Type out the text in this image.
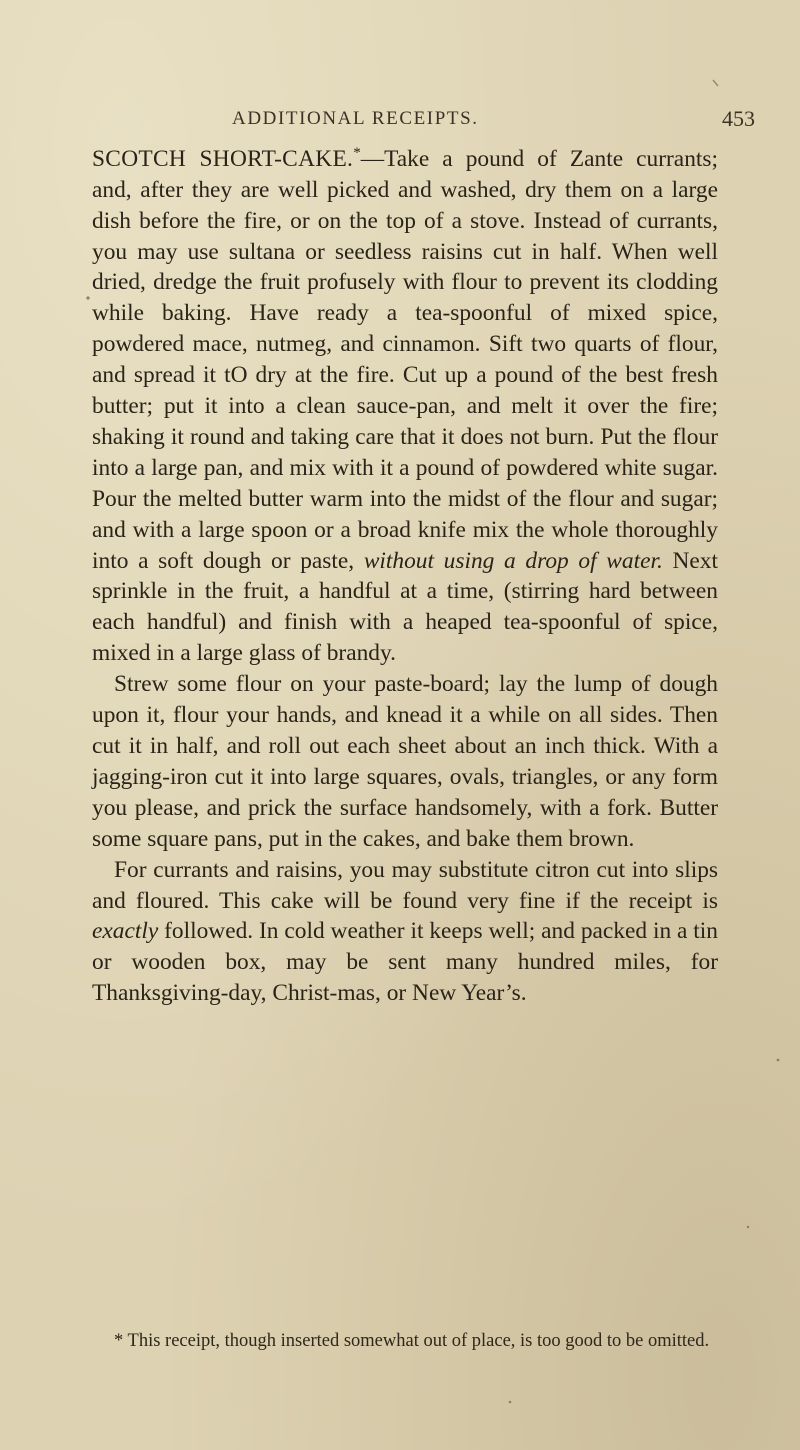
ADDITIONAL RECEIPTS.	453

SCOTCH SHORT-CAKE.*—Take a pound of Zante currants; and, after they are well picked and washed, dry them on a large dish before the fire, or on the top of a stove. Instead of currants, you may use sultana or seedless raisins cut in half. When well dried, dredge the fruit profusely with flour to prevent its clodding while baking. Have ready a tea-spoonful of mixed spice, powdered mace, nutmeg, and cinnamon. Sift two quarts of flour, and spread it tO dry at the fire. Cut up a pound of the best fresh butter; put it into a clean sauce-pan, and melt it over the fire; shaking it round and taking care that it does not burn. Put the flour into a large pan, and mix with it a pound of powdered white sugar. Pour the melted butter warm into the midst of the flour and sugar; and with a large spoon or a broad knife mix the whole thoroughly into a soft dough or paste, without using a drop of water. Next sprinkle in the fruit, a handful at a time, (stirring hard between each handful) and finish with a heaped tea-spoonful of spice, mixed in a large glass of brandy.

Strew some flour on your paste-board; lay the lump of dough upon it, flour your hands, and knead it a while on all sides. Then cut it in half, and roll out each sheet about an inch thick. With a jagging-iron cut it into large squares, ovals, triangles, or any form you please, and prick the surface handsomely, with a fork. Butter some square pans, put in the cakes, and bake them brown.

For currants and raisins, you may substitute citron cut into slips and floured. This cake will be found very fine if the receipt is exactly followed. In cold weather it keeps well; and packed in a tin or wooden box, may be sent many hundred miles, for Thanksgiving-day, Christ-mas, or New Year’s.

* This receipt, though inserted somewhat out of place, is too good to be omitted.
